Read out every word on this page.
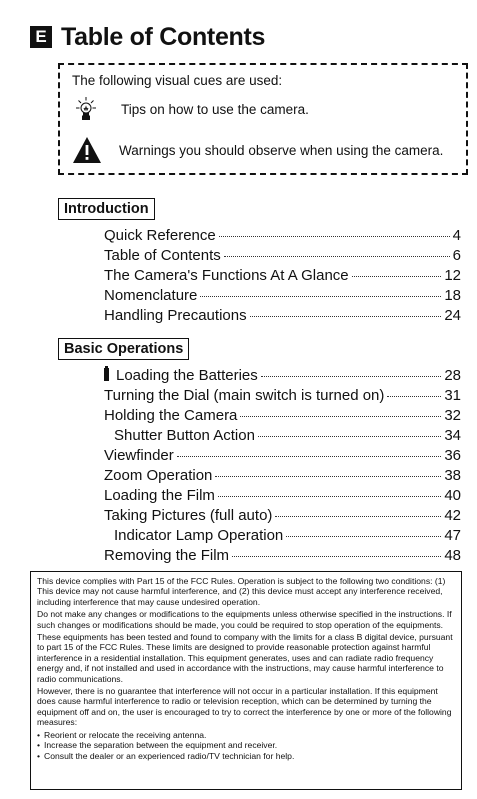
E Table of Contents
The following visual cues are used:
Tips on how to use the camera.
Warnings you should observe when using the camera.
Introduction
Quick Reference	4
Table of Contents	6
The Camera's Functions At A Glance	12
Nomenclature	18
Handling Precautions	24
Basic Operations
Loading the Batteries	28
Turning the Dial (main switch is turned on)	31
Holding the Camera	32
Shutter Button Action	34
Viewfinder	36
Zoom Operation	38
Loading the Film	40
Taking Pictures (full auto)	42
Indicator Lamp Operation	47
Removing the Film	48

This device complies with Part 15 of the FCC Rules. Operation is subject to the following two conditions: (1) This device may not cause harmful interference, and (2) this device must accept any interference received, including interference that may cause undesired operation.

Do not make any changes or modifications to the equipments unless otherwise specified in the instructions. If such changes or modifications should be made, you could be required to stop operation of the equipments.

These equipments has been tested and found to company with the limits for a class B digital device, pursuant to part 15 of the FCC Rules. These limits are designed to provide reasonable protection against harmful interference in a residential installation. This equipment generates, uses and can radiate radio frequency energy and, if not installed and used in accordance with the instructions, may cause harmful interference to radio communications.

However, there is no guarantee that interference will not occur in a particular installation. If this equipment does cause harmful interference to radio or television reception, which can be determined by turning the equipment off and on, the user is encouraged to try to correct the interference by one or more of the following measures:

• Reorient or relocate the receiving antenna.
• Increase the separation between the equipment and receiver.
• Consult the dealer or an experienced radio/TV technician for help.
